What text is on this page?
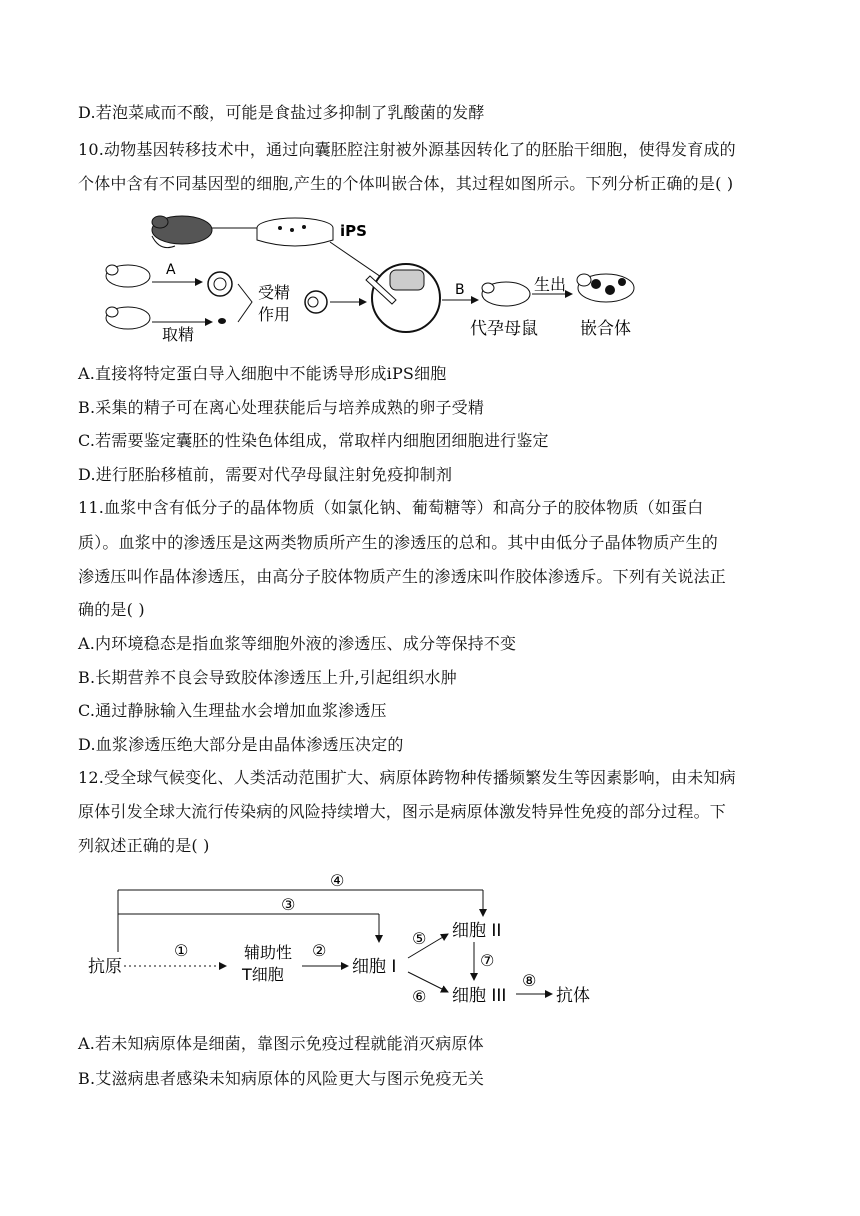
D.若泡菜咸而不酸，可能是食盐过多抑制了乳酸菌的发酵
10.动物基因转移技术中，通过向囊胚腔注射被外源基因转化了的胚胎干细胞，使得发育成的
个体中含有不同基因型的细胞,产生的个体叫嵌合体，其过程如图所示。下列分析正确的是( )
iPS
A
取精
受精
作用
B
代孕母鼠
生出
嵌合体
A.直接将特定蛋白导入细胞中不能诱导形成iPS细胞
B.采集的精子可在离心处理获能后与培养成熟的卵子受精
C.若需要鉴定囊胚的性染色体组成，常取样内细胞团细胞进行鉴定
D.进行胚胎移植前，需要对代孕母鼠注射免疫抑制剂
11.血浆中含有低分子的晶体物质（如氯化钠、葡萄糖等）和高分子的胶体物质（如蛋白
质）。血浆中的渗透压是这两类物质所产生的渗透压的总和。其中由低分子晶体物质产生的
渗透压叫作晶体渗透压，由高分子胶体物质产生的渗透床叫作胶体渗透斥。下列有关说法正
确的是( )
A.内环境稳态是指血浆等细胞外液的渗透压、成分等保持不变
B.长期营养不良会导致胶体渗透压上升,引起组织水肿
C.通过静脉输入生理盐水会增加血浆渗透压
D.血浆渗透压绝大部分是由晶体渗透压决定的
12.受全球气候变化、人类活动范围扩大、病原体跨物种传播频繁发生等因素影响，由未知病
原体引发全球大流行传染病的风险持续增大，图示是病原体激发特异性免疫的部分过程。下
列叙述正确的是( )
④
③
抗原
①	辅助性
T细胞
②
细胞 I
⑤
⑥
细胞 II
⑦
细胞 III
⑧
抗体
A.若未知病原体是细菌，靠图示免疫过程就能消灭病原体
B.艾滋病患者感染未知病原体的风险更大与图示免疫无关
